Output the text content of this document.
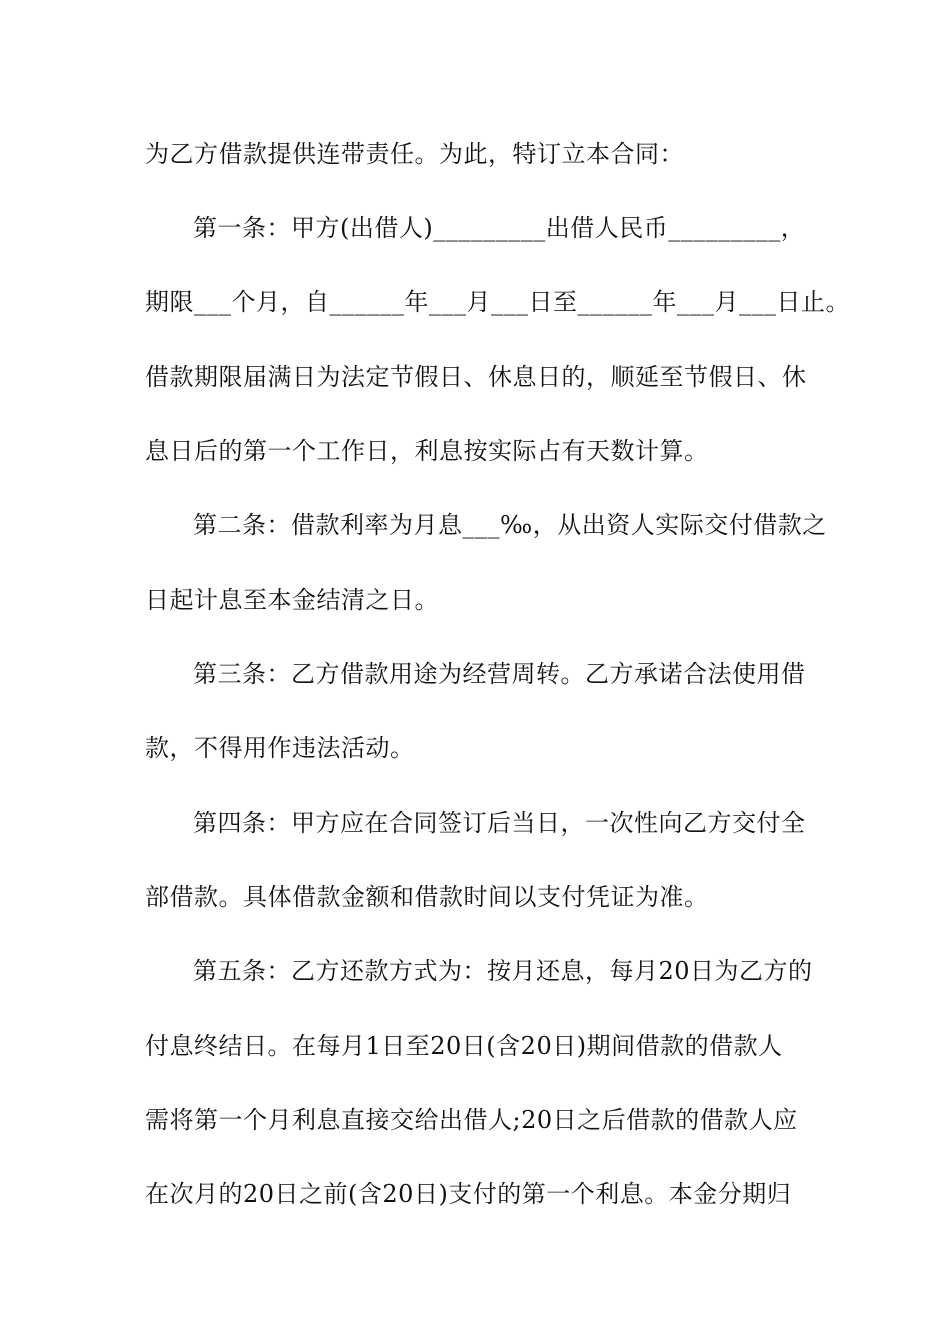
为乙方借款提供连带责任。为此，特订立本合同：
第一条：甲方(出借人)_________出借人民币_________，
期限___个月，自______年___月___日至______年___月___日止。
借款期限届满日为法定节假日、休息日的，顺延至节假日、休
息日后的第一个工作日，利息按实际占有天数计算。
第二条：借款利率为月息___‰，从出资人实际交付借款之
日起计息至本金结清之日。
第三条：乙方借款用途为经营周转。乙方承诺合法使用借
款，不得用作违法活动。
第四条：甲方应在合同签订后当日，一次性向乙方交付全
部借款。具体借款金额和借款时间以支付凭证为准。
第五条：乙方还款方式为：按月还息，每月20日为乙方的
付息终结日。在每月1日至20日(含20日)期间借款的借款人
需将第一个月利息直接交给出借人;20日之后借款的借款人应
在次月的20日之前(含20日)支付的第一个利息。本金分期归
